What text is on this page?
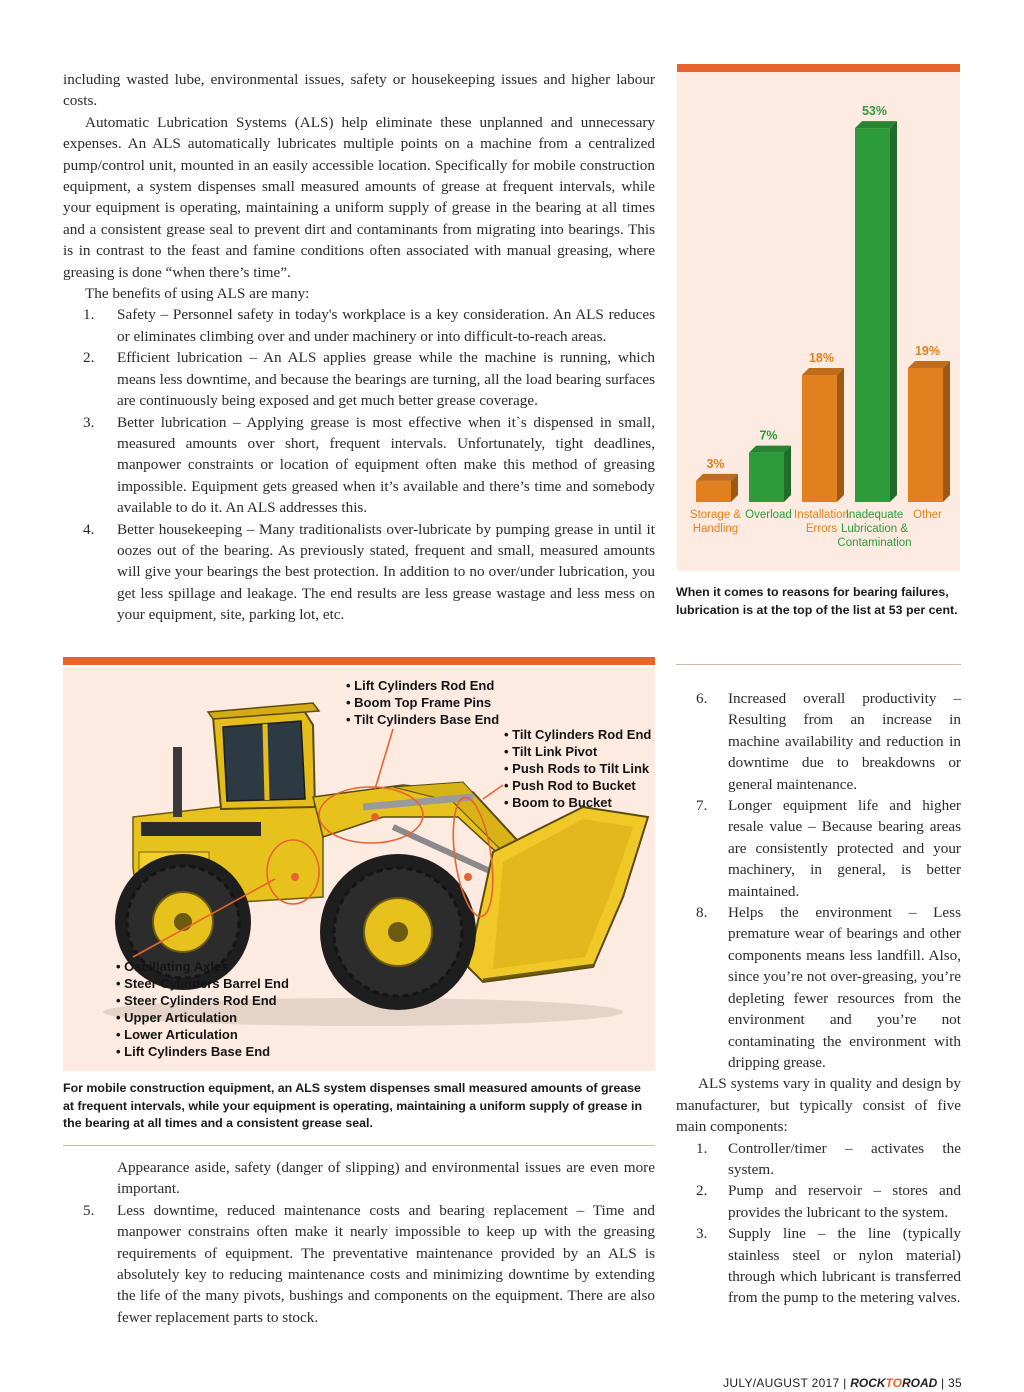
including wasted lube, environmental issues, safety or housekeeping issues and higher labour costs.

Automatic Lubrication Systems (ALS) help eliminate these unplanned and unnecessary expenses. An ALS automatically lubricates multiple points on a machine from a centralized pump/control unit, mounted in an easily accessible location. Specifically for mobile construction equipment, a system dispenses small measured amounts of grease at frequent intervals, while your equipment is operating, maintaining a uniform supply of grease in the bearing at all times and a consistent grease seal to prevent dirt and contaminants from migrating into bearings. This is in contrast to the feast and famine conditions often associated with manual greasing, where greasing is done “when there’s time”.

The benefits of using ALS are many:

1.	Safety – Personnel safety in today's workplace is a key consideration. An ALS reduces or eliminates climbing over and under machinery or into difficult-to-reach areas.
2.	Efficient lubrication – An ALS applies grease while the machine is running, which means less downtime, and because the bearings are turning, all the load bearing surfaces are continuously being exposed and get much better grease coverage.
3.	Better lubrication – Applying grease is most effective when it`s dispensed in small, measured amounts over short, frequent intervals. Unfortunately, tight deadlines, manpower constraints or location of equipment often make this method of greasing impossible. Equipment gets greased when it’s available and there’s time and somebody available to do it. An ALS addresses this.
4.	Better housekeeping – Many traditionalists over-lubricate by pumping grease in until it oozes out of the bearing. As previously stated, frequent and small, measured amounts will give your bearings the best protection. In addition to no over/under lubrication, you get less spillage and leakage. The end results are less grease wastage and less mess on your equipment, site, parking lot, etc.
3%
Storage &
Handling
7%
Overload
18%
Installation
Errors
53%
Inadequate
Lubrication &
Contamination
19%
Other
When it comes to reasons for bearing failures, lubrication is at the top of the list at 53 per cent.
• Lift Cylinders Rod End
• Boom Top Frame Pins
• Tilt Cylinders Base End
• Tilt Cylinders Rod End
• Tilt Link Pivot
• Push Rods to Tilt Link
• Push Rod to Bucket
• Boom to Bucket
• Oscillating Axles
• Steer Cylinders Barrel End
• Steer Cylinders Rod End
• Upper Articulation
• Lower Articulation
• Lift Cylinders Base End
For mobile construction equipment, an ALS system dispenses small measured amounts of grease at frequent intervals, while your equipment is operating, maintaining a uniform supply of grease in the bearing at all times and a consistent grease seal.
Appearance aside, safety (danger of slipping) and environmental issues are even more important.
5.	Less downtime, reduced maintenance costs and bearing replacement – Time and manpower constrains often make it nearly impossible to keep up with the greasing requirements of equipment. The preventative maintenance provided by an ALS is absolutely key to reducing maintenance costs and minimizing downtime by extending the life of the many pivots, bushings and components on the equipment. There are also fewer replacement parts to stock.
6.	Increased overall productivity – Resulting from an increase in machine availability and reduction in downtime due to breakdowns or general maintenance.
7.	Longer equipment life and higher resale value – Because bearing areas are consistently protected and your machinery, in general, is better maintained.
8.	Helps the environment – Less premature wear of bearings and other components means less landfill. Also, since you’re not over-greasing, you’re depleting fewer resources from the environment and you’re not contaminating the environment with dripping grease.

ALS systems vary in quality and design by manufacturer, but typically consist of five main components:

1.	Controller/timer – activates the system.
2.	Pump and reservoir – stores and provides the lubricant to the system.
3.	Supply line – the line (typically stainless steel or nylon material) through which lubricant is transferred from the pump to the metering valves.
JULY/AUGUST 2017 | ROCKTOROAD | 35
